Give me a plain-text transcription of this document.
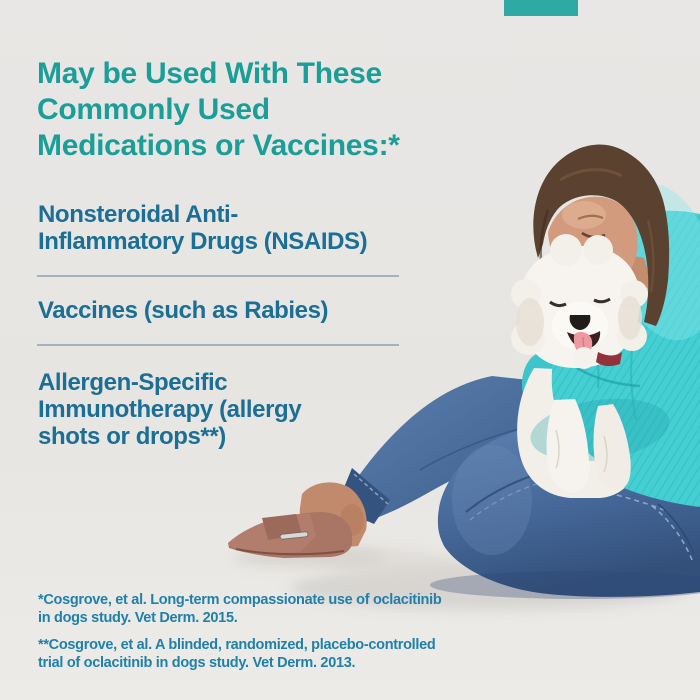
May be Used With These
Commonly Used
Medications or Vaccines:*
Nonsteroidal Anti-
Inflammatory Drugs (NSAIDS)
Vaccines (such as Rabies)
Allergen-Specific
Immunotherapy (allergy
shots or drops**)
*Cosgrove, et al. Long-term compassionate use of oclacitinib
in dogs study. Vet Derm. 2015.
**Cosgrove, et al. A blinded, randomized, placebo-controlled
trial of oclacitinib in dogs study. Vet Derm. 2013.
